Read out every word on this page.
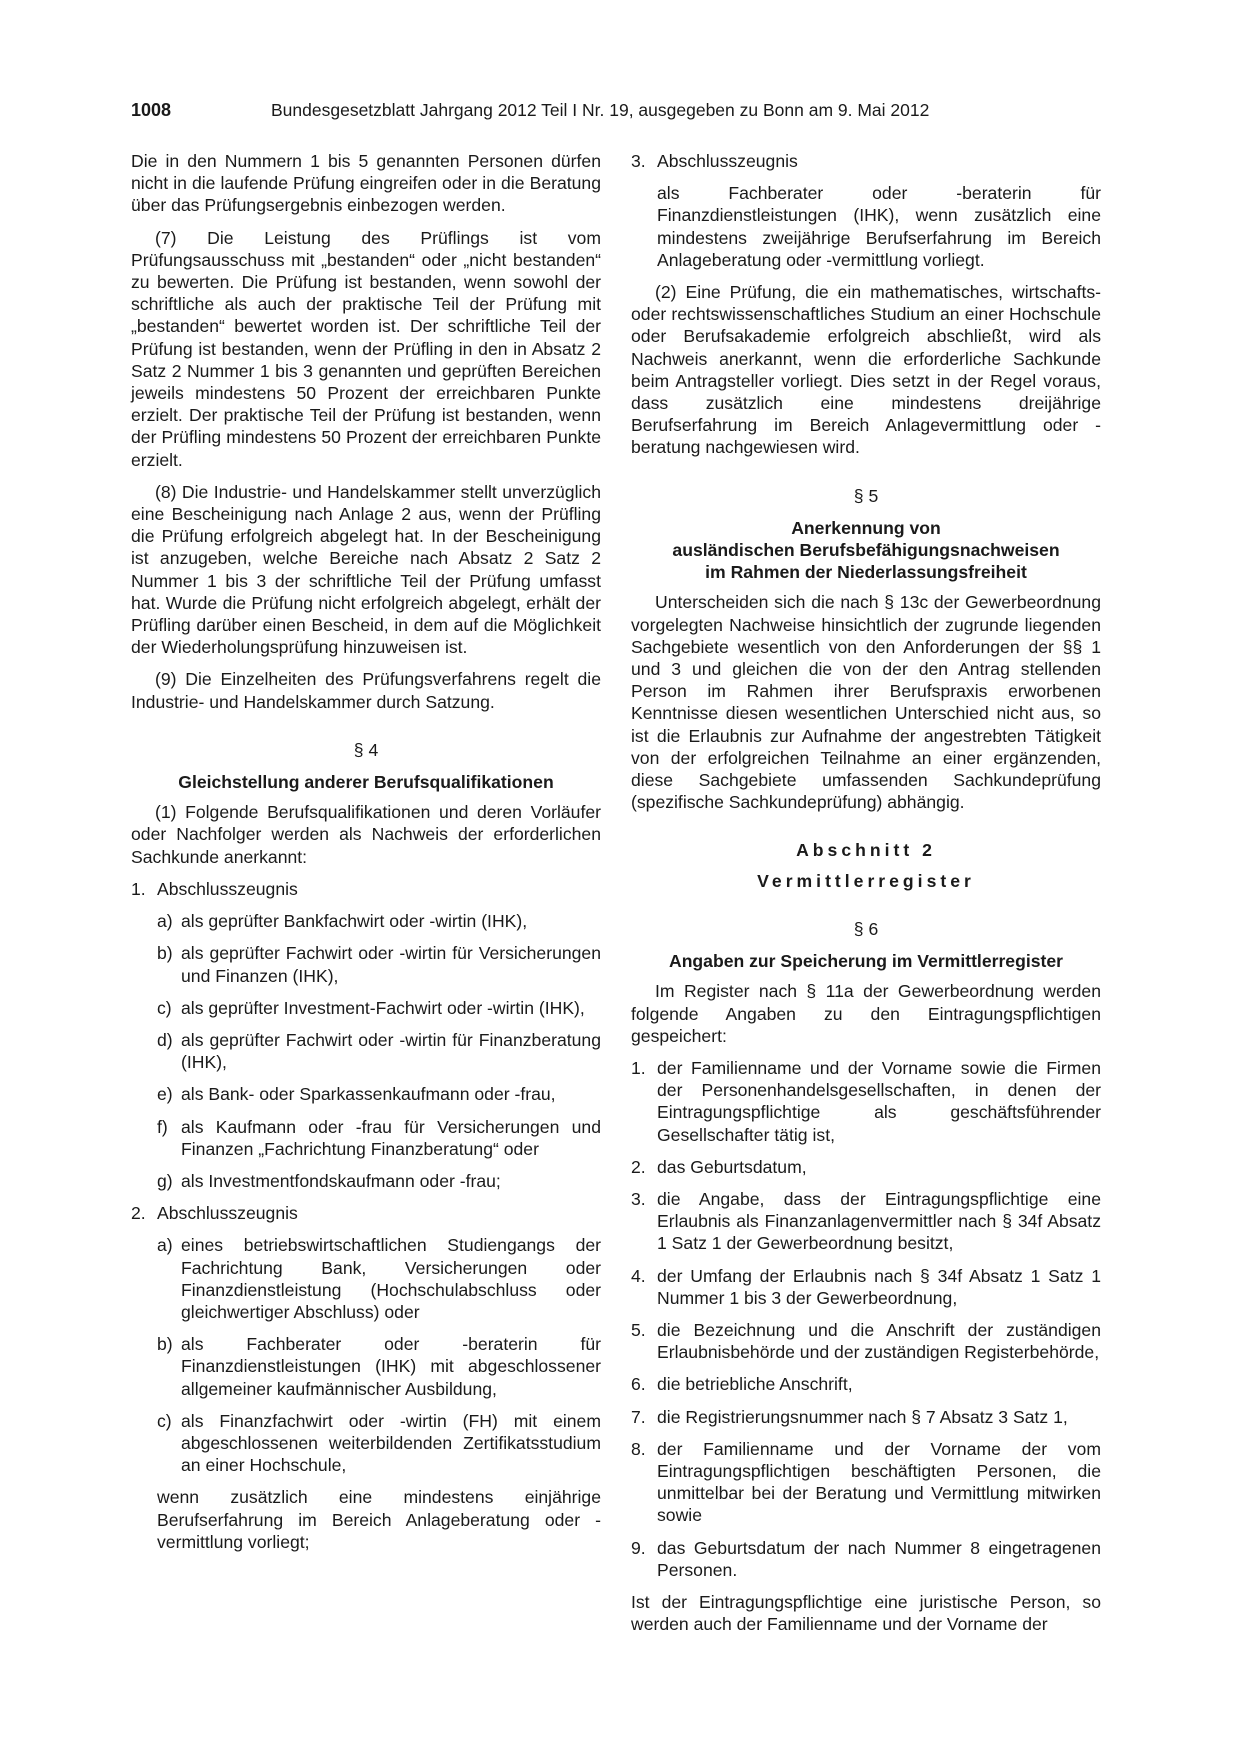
1008	Bundesgesetzblatt Jahrgang 2012 Teil I Nr. 19, ausgegeben zu Bonn am 9. Mai 2012

Die in den Nummern 1 bis 5 genannten Personen dürfen nicht in die laufende Prüfung eingreifen oder in die Beratung über das Prüfungsergebnis einbezogen werden.

(7) Die Leistung des Prüflings ist vom Prüfungsausschuss mit „bestanden“ oder „nicht bestanden“ zu bewerten. Die Prüfung ist bestanden, wenn sowohl der schriftliche als auch der praktische Teil der Prüfung mit „bestanden“ bewertet worden ist. Der schriftliche Teil der Prüfung ist bestanden, wenn der Prüfling in den in Absatz 2 Satz 2 Nummer 1 bis 3 genannten und geprüften Bereichen jeweils mindestens 50 Prozent der erreichbaren Punkte erzielt. Der praktische Teil der Prüfung ist bestanden, wenn der Prüfling mindestens 50 Prozent der erreichbaren Punkte erzielt.

(8) Die Industrie- und Handelskammer stellt unverzüglich eine Bescheinigung nach Anlage 2 aus, wenn der Prüfling die Prüfung erfolgreich abgelegt hat. In der Bescheinigung ist anzugeben, welche Bereiche nach Absatz 2 Satz 2 Nummer 1 bis 3 der schriftliche Teil der Prüfung umfasst hat. Wurde die Prüfung nicht erfolgreich abgelegt, erhält der Prüfling darüber einen Bescheid, in dem auf die Möglichkeit der Wiederholungsprüfung hinzuweisen ist.

(9) Die Einzelheiten des Prüfungsverfahrens regelt die Industrie- und Handelskammer durch Satzung.

§ 4
Gleichstellung anderer Berufsqualifikationen

(1) Folgende Berufsqualifikationen und deren Vorläufer oder Nachfolger werden als Nachweis der erforderlichen Sachkunde anerkannt:

1. Abschlusszeugnis
a) als geprüfter Bankfachwirt oder -wirtin (IHK),
b) als geprüfter Fachwirt oder -wirtin für Versicherungen und Finanzen (IHK),
c) als geprüfter Investment-Fachwirt oder -wirtin (IHK),
d) als geprüfter Fachwirt oder -wirtin für Finanzberatung (IHK),
e) als Bank- oder Sparkassenkaufmann oder -frau,
f) als Kaufmann oder -frau für Versicherungen und Finanzen „Fachrichtung Finanzberatung“ oder
g) als Investmentfondskaufmann oder -frau;
2. Abschlusszeugnis
a) eines betriebswirtschaftlichen Studiengangs der Fachrichtung Bank, Versicherungen oder Finanzdienstleistung (Hochschulabschluss oder gleichwertiger Abschluss) oder
b) als Fachberater oder -beraterin für Finanzdienstleistungen (IHK) mit abgeschlossener allgemeiner kaufmännischer Ausbildung,
c) als Finanzfachwirt oder -wirtin (FH) mit einem abgeschlossenen weiterbildenden Zertifikatsstudium an einer Hochschule,
wenn zusätzlich eine mindestens einjährige Berufserfahrung im Bereich Anlageberatung oder -vermittlung vorliegt;
3. Abschlusszeugnis
als Fachberater oder -beraterin für Finanzdienstleistungen (IHK), wenn zusätzlich eine mindestens zweijährige Berufserfahrung im Bereich Anlageberatung oder -vermittlung vorliegt.

(2) Eine Prüfung, die ein mathematisches, wirtschafts- oder rechtswissenschaftliches Studium an einer Hochschule oder Berufsakademie erfolgreich abschließt, wird als Nachweis anerkannt, wenn die erforderliche Sachkunde beim Antragsteller vorliegt. Dies setzt in der Regel voraus, dass zusätzlich eine mindestens dreijährige Berufserfahrung im Bereich Anlagevermittlung oder -beratung nachgewiesen wird.

§ 5
Anerkennung von
ausländischen Berufsbefähigungsnachweisen
im Rahmen der Niederlassungsfreiheit

Unterscheiden sich die nach § 13c der Gewerbeordnung vorgelegten Nachweise hinsichtlich der zugrunde liegenden Sachgebiete wesentlich von den Anforderungen der §§ 1 und 3 und gleichen die von der den Antrag stellenden Person im Rahmen ihrer Berufspraxis erworbenen Kenntnisse diesen wesentlichen Unterschied nicht aus, so ist die Erlaubnis zur Aufnahme der angestrebten Tätigkeit von der erfolgreichen Teilnahme an einer ergänzenden, diese Sachgebiete umfassenden Sachkundeprüfung (spezifische Sachkundeprüfung) abhängig.

Abschnitt 2
Vermittlerregister
§ 6
Angaben zur Speicherung im Vermittlerregister

Im Register nach § 11a der Gewerbeordnung werden folgende Angaben zu den Eintragungspflichtigen gespeichert:

1. der Familienname und der Vorname sowie die Firmen der Personenhandelsgesellschaften, in denen der Eintragungspflichtige als geschäftsführender Gesellschafter tätig ist,
2. das Geburtsdatum,
3. die Angabe, dass der Eintragungspflichtige eine Erlaubnis als Finanzanlagenvermittler nach § 34f Absatz 1 Satz 1 der Gewerbeordnung besitzt,
4. der Umfang der Erlaubnis nach § 34f Absatz 1 Satz 1 Nummer 1 bis 3 der Gewerbeordnung,
5. die Bezeichnung und die Anschrift der zuständigen Erlaubnisbehörde und der zuständigen Registerbehörde,
6. die betriebliche Anschrift,
7. die Registrierungsnummer nach § 7 Absatz 3 Satz 1,
8. der Familienname und der Vorname der vom Eintragungspflichtigen beschäftigten Personen, die unmittelbar bei der Beratung und Vermittlung mitwirken sowie
9. das Geburtsdatum der nach Nummer 8 eingetragenen Personen.

Ist der Eintragungspflichtige eine juristische Person, so werden auch der Familienname und der Vorname der
